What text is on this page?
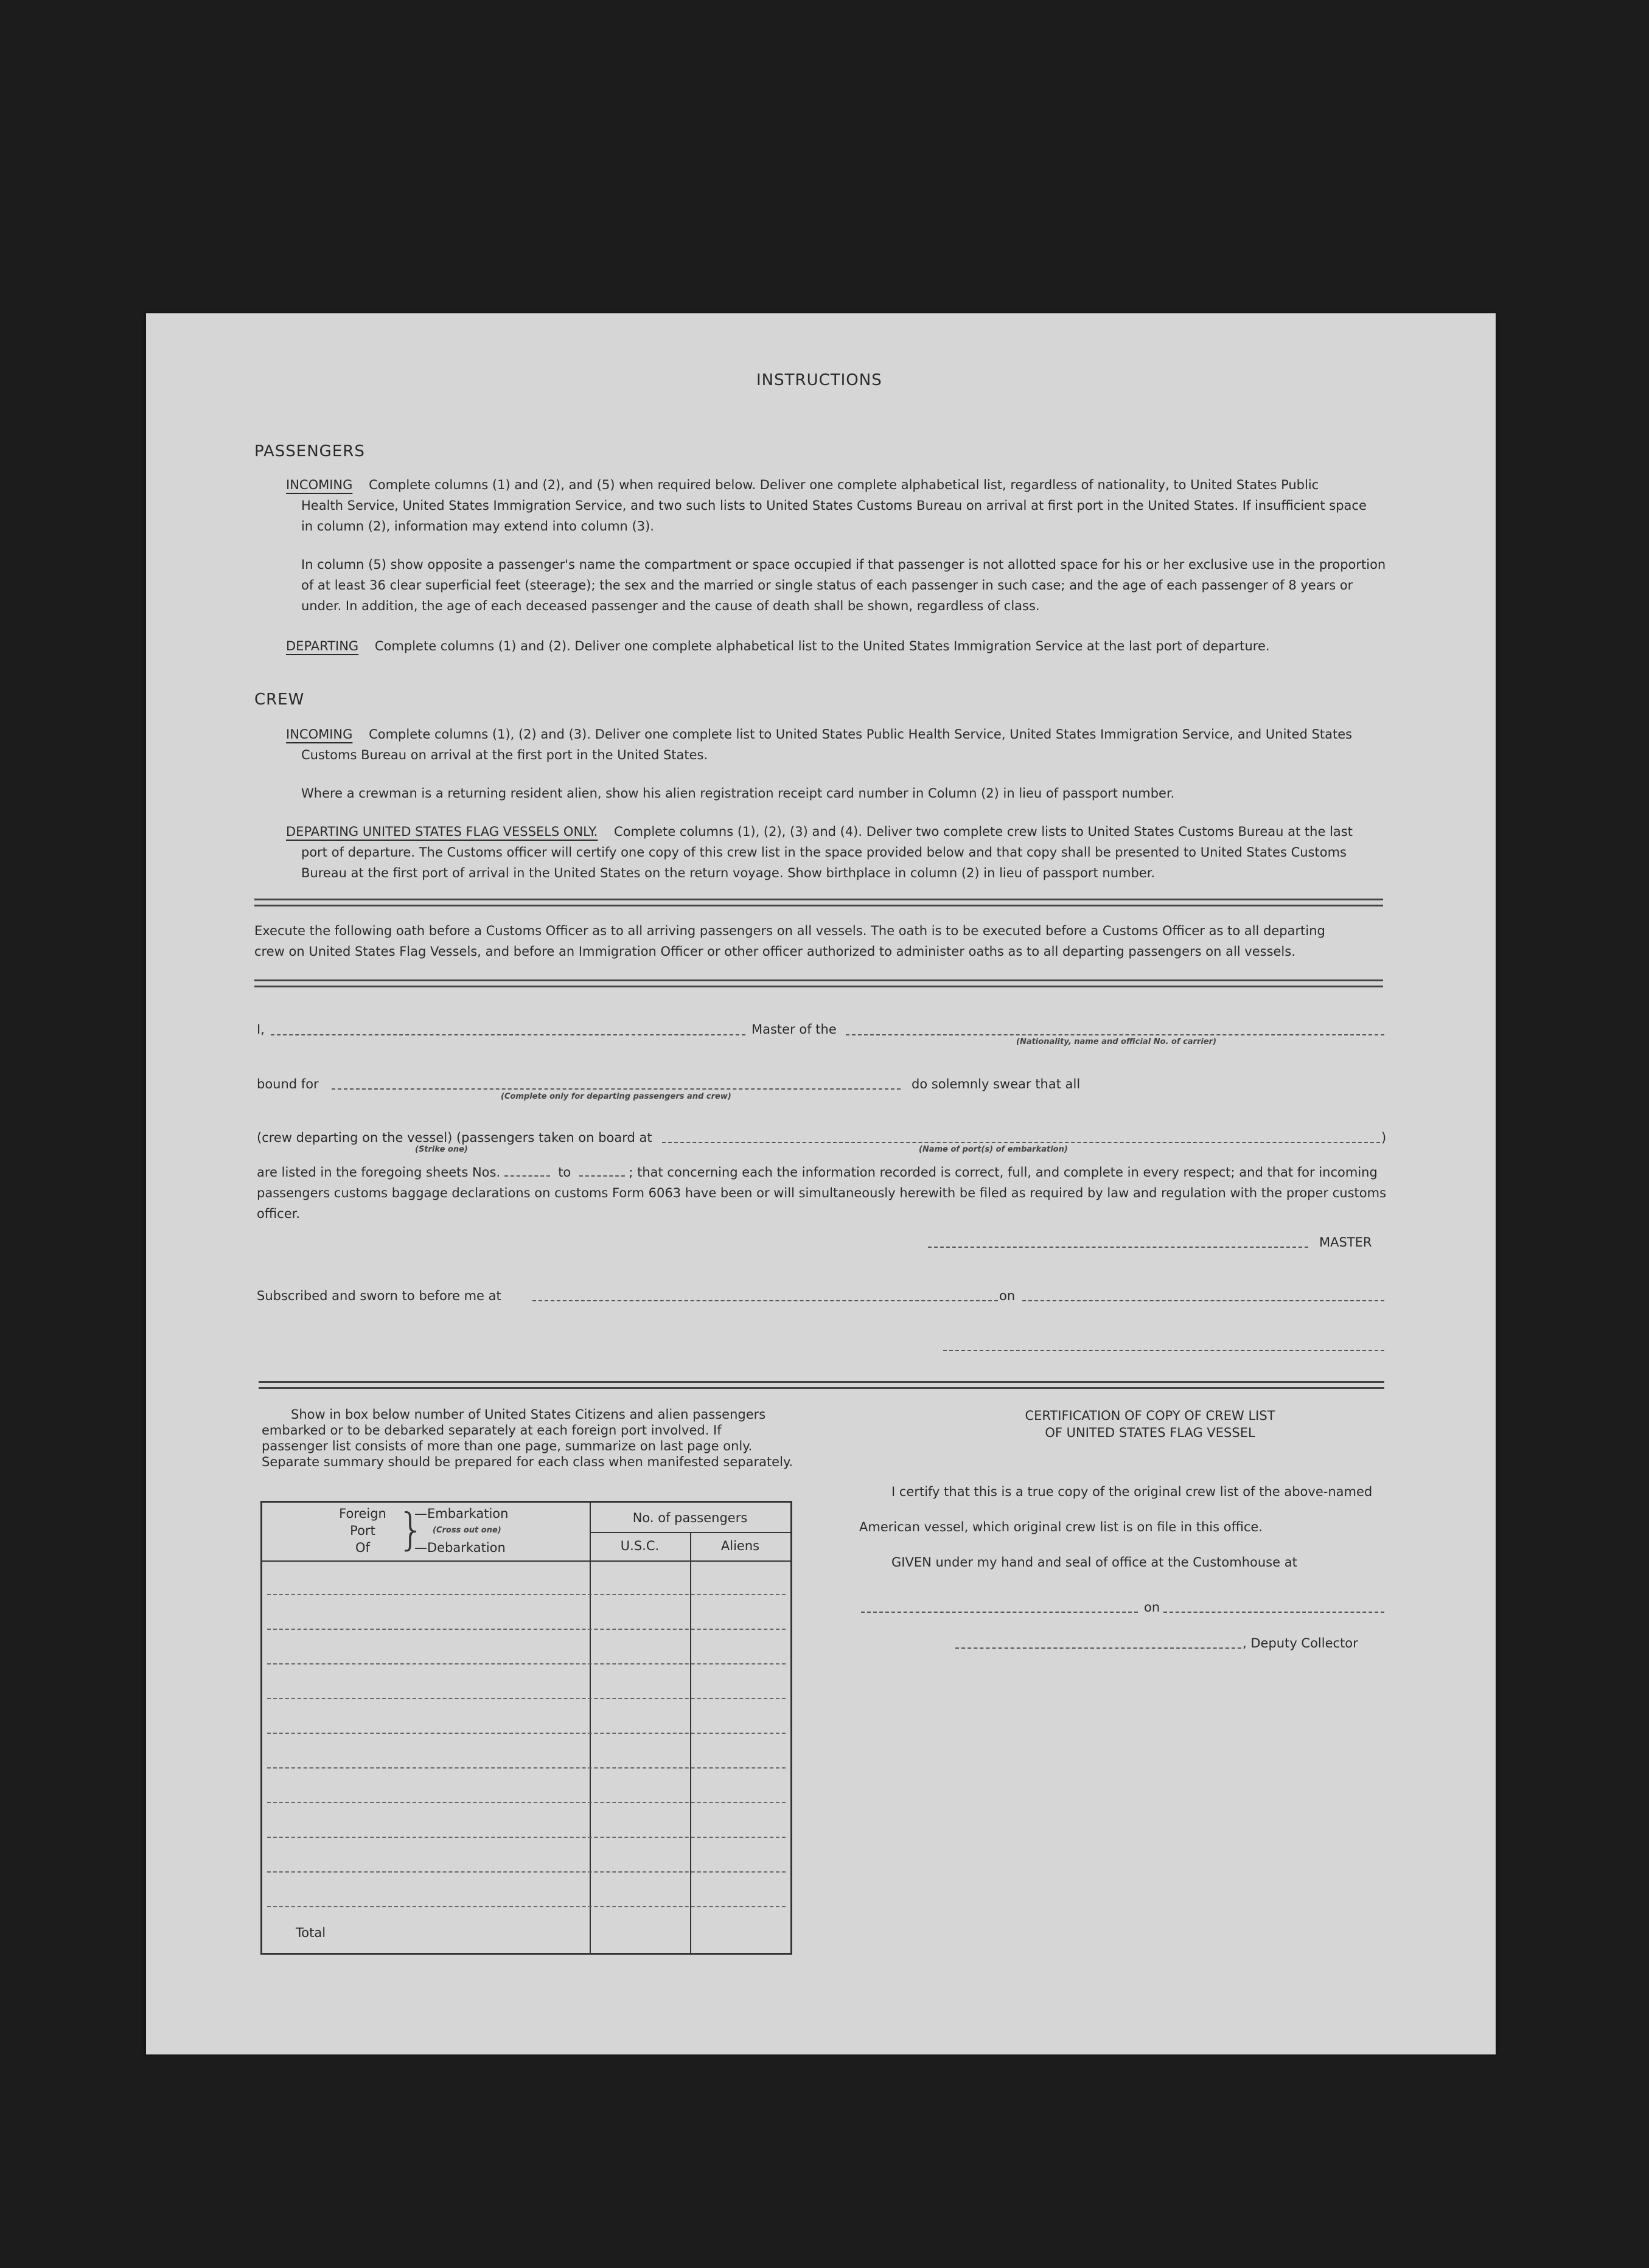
INSTRUCTIONS
PASSENGERS
INCOMING Complete columns (1) and (2), and (5) when required below. Deliver one complete alphabetical list, regardless of nationality, to United States Public
Health Service, United States Immigration Service, and two such lists to United States Customs Bureau on arrival at first port in the United States. If insufficient space
in column (2), information may extend into column (3).
In column (5) show opposite a passenger's name the compartment or space occupied if that passenger is not allotted space for his or her exclusive use in the proportion
of at least 36 clear superficial feet (steerage); the sex and the married or single status of each passenger in such case; and the age of each passenger of 8 years or
under. In addition, the age of each deceased passenger and the cause of death shall be shown, regardless of class.
DEPARTING Complete columns (1) and (2). Deliver one complete alphabetical list to the United States Immigration Service at the last port of departure.
CREW
INCOMING Complete columns (1), (2) and (3). Deliver one complete list to United States Public Health Service, United States Immigration Service, and United States
Customs Bureau on arrival at the first port in the United States.
Where a crewman is a returning resident alien, show his alien registration receipt card number in Column (2) in lieu of passport number.
DEPARTING UNITED STATES FLAG VESSELS ONLY. Complete columns (1), (2), (3) and (4). Deliver two complete crew lists to United States Customs Bureau at the last
port of departure. The Customs officer will certify one copy of this crew list in the space provided below and that copy shall be presented to United States Customs
Bureau at the first port of arrival in the United States on the return voyage. Show birthplace in column (2) in lieu of passport number.
Execute the following oath before a Customs Officer as to all arriving passengers on all vessels. The oath is to be executed before a Customs Officer as to all departing
crew on United States Flag Vessels, and before an Immigration Officer or other officer authorized to administer oaths as to all departing passengers on all vessels.
I,	Master of the
(Nationality, name and official No. of carrier)
bound for
(Complete only for departing passengers and crew)
do solemnly swear that all
(crew departing on the vessel) (passengers taken on board at	)
(Strike one)	(Name of port(s) of embarkation)
are listed in the foregoing sheets Nos.	to	; that concerning each the information recorded is correct, full, and complete in every respect; and that for incoming
passengers customs baggage declarations on customs Form 6063 have been or will simultaneously herewith be filed as required by law and regulation with the proper customs
officer.
MASTER
Subscribed and sworn to before me at	on
Show in box below number of United States Citizens and alien passengers
embarked or to be debarked separately at each foreign port involved. If
passenger list consists of more than one page, summarize on last page only.
Separate summary should be prepared for each class when manifested separately.
Foreign
Port
Of }
—Embarkation
(Cross out one)
—Debarkation
No. of passengers
U.S.C.	Aliens
Total
CERTIFICATION OF COPY OF CREW LIST
OF UNITED STATES FLAG VESSEL
I certify that this is a true copy of the original crew list of the above-named
American vessel, which original crew list is on file in this office.
GIVEN under my hand and seal of office at the Customhouse at
on
, Deputy Collector
